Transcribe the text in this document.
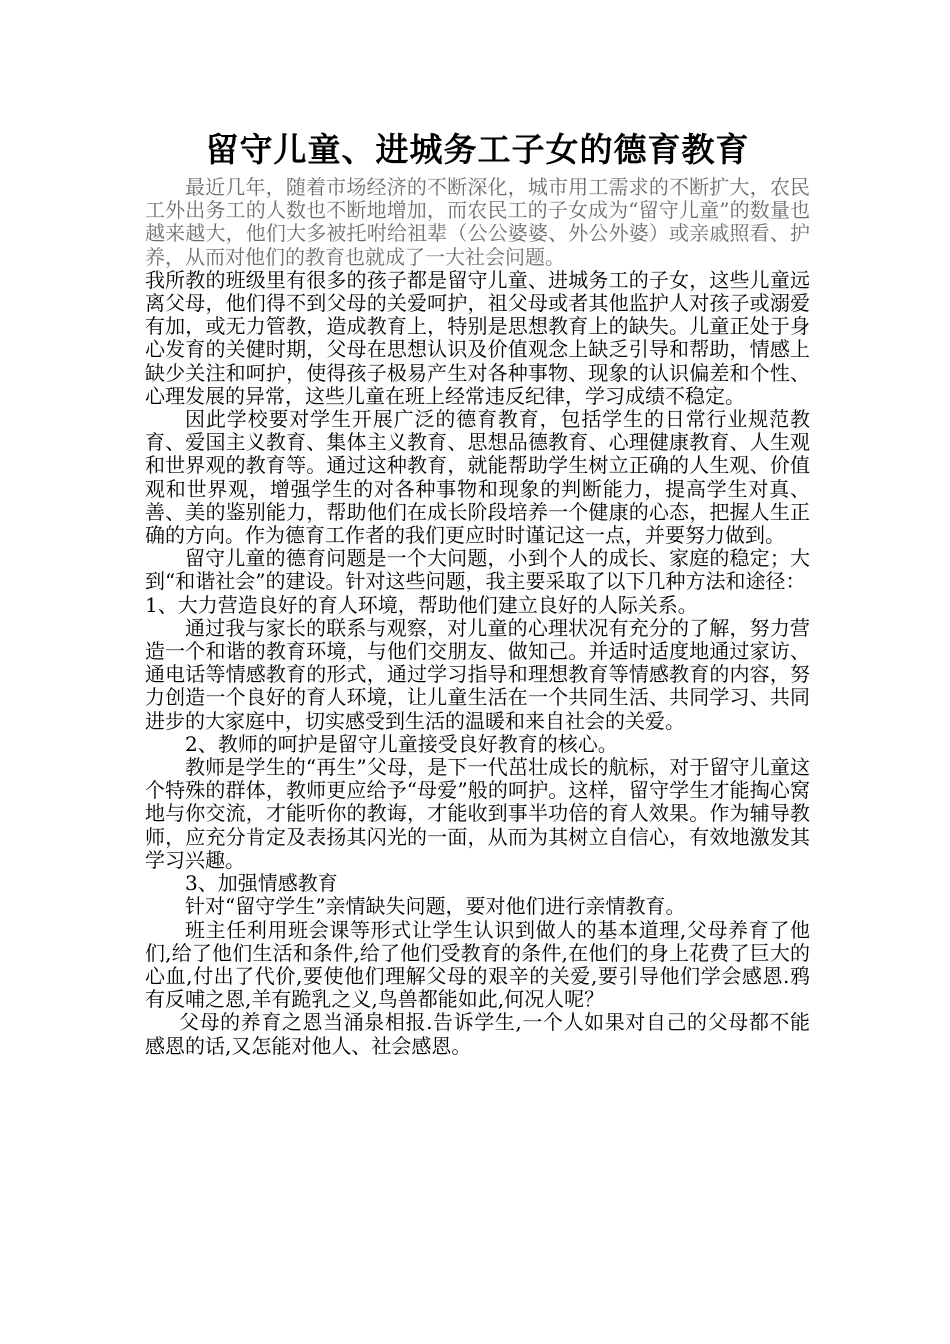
留守儿童、进城务工子女的德育教育

最近几年，随着市场经济的不断深化，城市用工需求的不断扩大，农民工外出务工的人数也不断地增加，而农民工的子女成为“留守儿童”的数量也越来越大，他们大多被托咐给祖辈（公公婆婆、外公外婆）或亲戚照看、护养，从而对他们的教育也就成了一大社会问题。

我所教的班级里有很多的孩子都是留守儿童、进城务工的子女，这些儿童远离父母，他们得不到父母的关爱呵护，祖父母或者其他监护人对孩子或溺爱有加，或无力管教，造成教育上，特别是思想教育上的缺失。儿童正处于身心发育的关健时期，父母在思想认识及价值观念上缺乏引导和帮助，情感上缺少关注和呵护，使得孩子极易产生对各种事物、现象的认识偏差和个性、心理发展的异常，这些儿童在班上经常违反纪律，学习成绩不稳定。

因此学校要对学生开展广泛的德育教育，包括学生的日常行业规范教育、爱国主义教育、集体主义教育、思想品德教育、心理健康教育、人生观和世界观的教育等。通过这种教育，就能帮助学生树立正确的人生观、价值观和世界观，增强学生的对各种事物和现象的判断能力，提高学生对真、善、美的鉴别能力，帮助他们在成长阶段培养一个健康的心态，把握人生正确的方向。作为德育工作者的我们更应时时谨记这一点，并要努力做到。

留守儿童的德育问题是一个大问题，小到个人的成长、家庭的稳定；大到“和谐社会”的建设。针对这些问题，我主要采取了以下几种方法和途径：

1、大力营造良好的育人环境，帮助他们建立良好的人际关系。

通过我与家长的联系与观察，对儿童的心理状况有充分的了解，努力营造一个和谐的教育环境，与他们交朋友、做知己。并适时适度地通过家访、通电话等情感教育的形式，通过学习指导和理想教育等情感教育的内容，努力创造一个良好的育人环境，让儿童生活在一个共同生活、共同学习、共同进步的大家庭中，切实感受到生活的温暖和来自社会的关爱。

2、教师的呵护是留守儿童接受良好教育的核心。

教师是学生的“再生”父母，是下一代茁壮成长的航标，对于留守儿童这个特殊的群体，教师更应给予“母爱”般的呵护。这样，留守学生才能掏心窝地与你交流，才能听你的教诲，才能收到事半功倍的育人效果。作为辅导教师，应充分肯定及表扬其闪光的一面，从而为其树立自信心，有效地激发其学习兴趣。

3、加强情感教育

针对“留守学生”亲情缺失问题，要对他们进行亲情教育。

班主任利用班会课等形式让学生认识到做人的基本道理,父母养育了他们,给了他们生活和条件,给了他们受教育的条件,在他们的身上花费了巨大的心血,付出了代价,要使他们理解父母的艰辛的关爱,要引导他们学会感恩.鸦有反哺之恩,羊有跪乳之义,鸟兽都能如此,何况人呢？

父母的养育之恩当涌泉相报.告诉学生,一个人如果对自己的父母都不能感恩的话,又怎能对他人、社会感恩。
